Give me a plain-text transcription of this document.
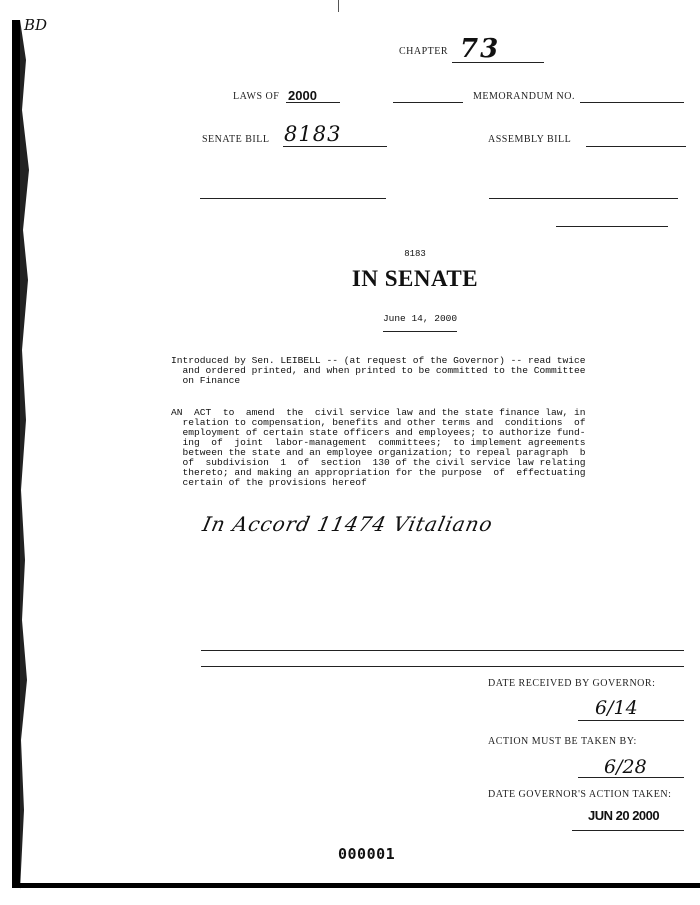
BD
CHAPTER 73
LAWS OF 2000	MEMORANDUM NO.
SENATE BILL 8183	ASSEMBLY BILL
8183
IN SENATE
June 14, 2000
Introduced by Sen. LEIBELL -- (at request of the Governor) -- read twice
and ordered printed, and when printed to be committed to the Committee
on Finance
AN  ACT  to  amend  the  civil service law and the state finance law, in
relation to compensation, benefits and other terms and  conditions  of
employment of certain state officers and employees; to authorize fund-
ing  of  joint  labor-management  committees;  to implement agreements
between the state and an employee organization; to repeal paragraph  b
of  subdivision  1  of  section  130 of the civil service law relating
thereto; and making an appropriation for the purpose  of  effectuating
certain of the provisions hereof
In Accord 11474 Vitaliano
DATE RECEIVED BY GOVERNOR:
6/14
ACTION MUST BE TAKEN BY:
6/28
DATE GOVERNOR'S ACTION TAKEN:
JUN 20 2000
000001
